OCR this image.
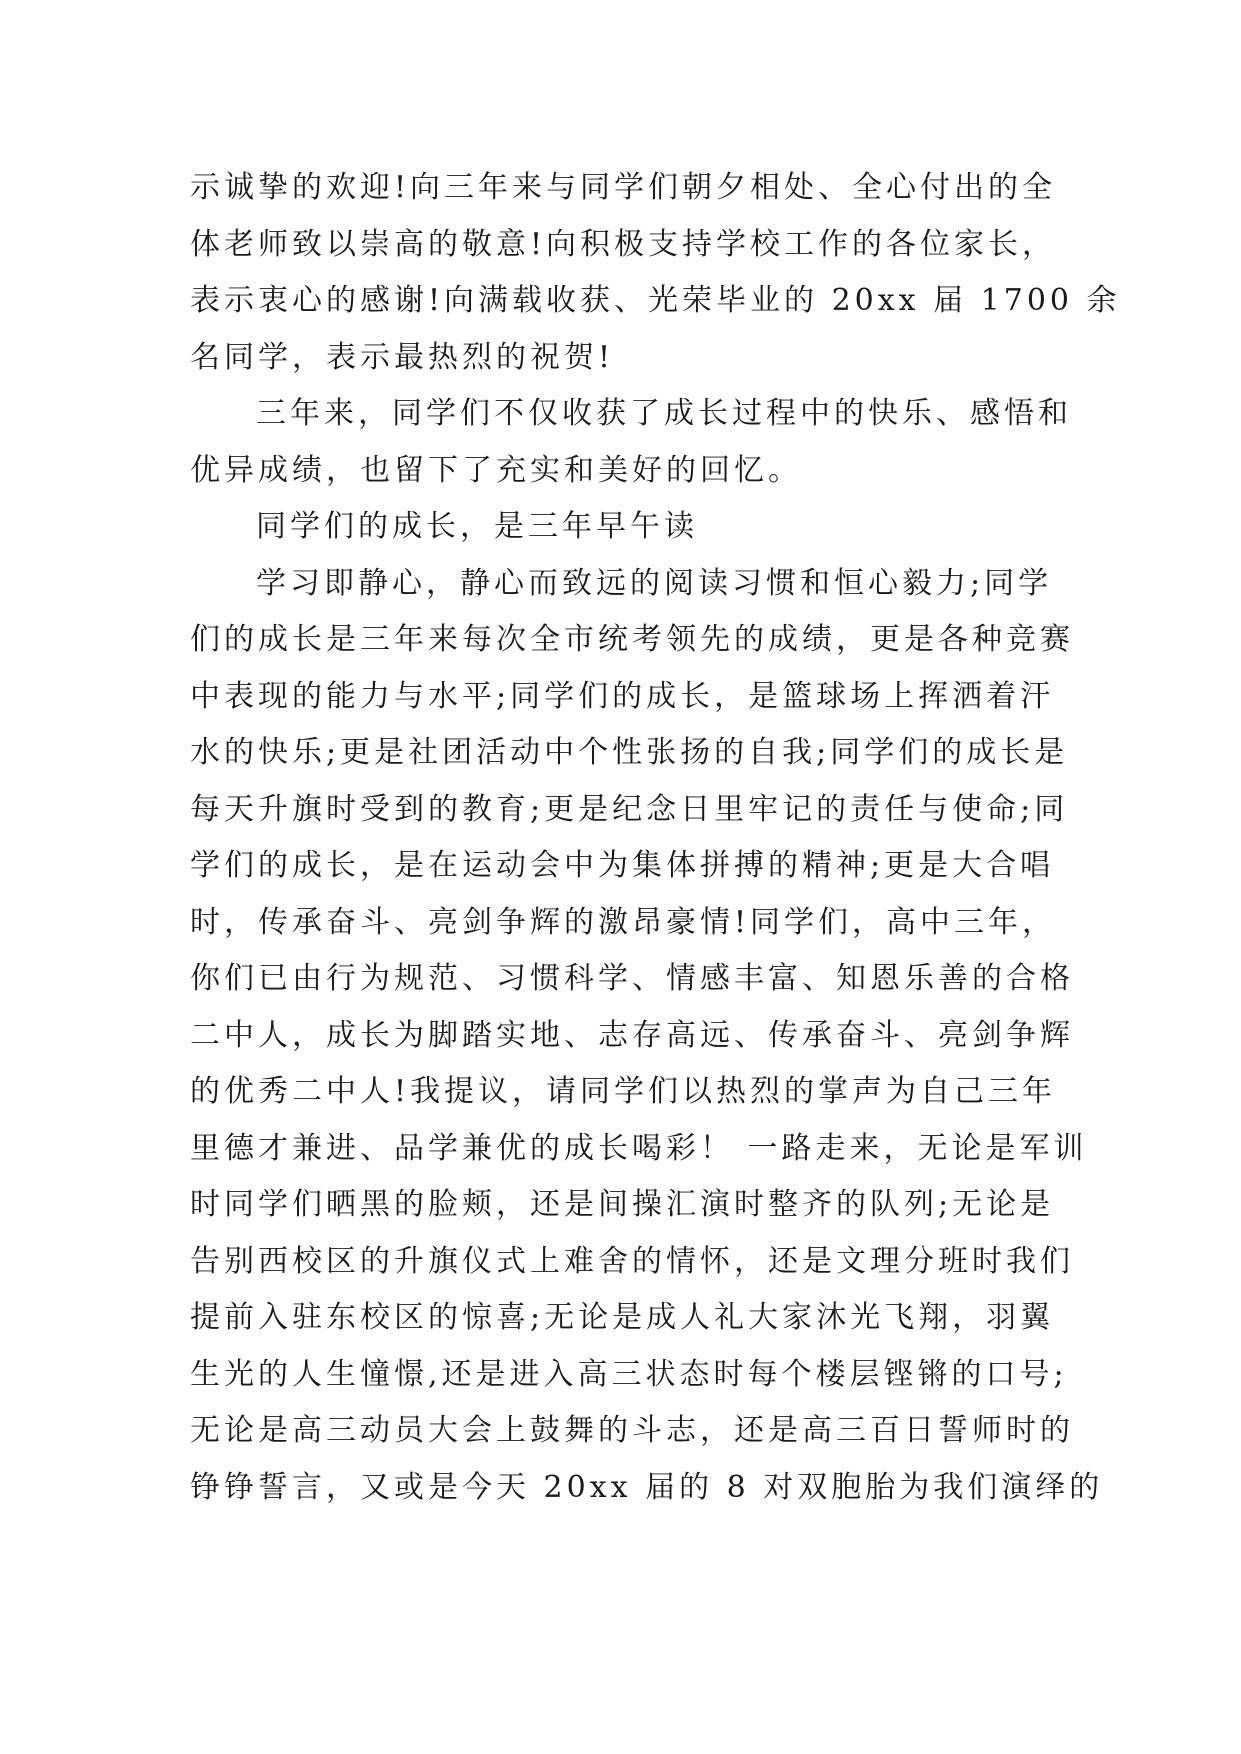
示诚挚的欢迎!向三年来与同学们朝夕相处、全心付出的全
体老师致以崇高的敬意!向积极支持学校工作的各位家长，
表示衷心的感谢!向满载收获、光荣毕业的 20xx 届 1700 余
名同学，表示最热烈的祝贺!
三年来，同学们不仅收获了成长过程中的快乐、感悟和
优异成绩，也留下了充实和美好的回忆。
同学们的成长，是三年早午读
学习即静心，静心而致远的阅读习惯和恒心毅力;同学
们的成长是三年来每次全市统考领先的成绩，更是各种竞赛
中表现的能力与水平;同学们的成长，是篮球场上挥洒着汗
水的快乐;更是社团活动中个性张扬的自我;同学们的成长是
每天升旗时受到的教育;更是纪念日里牢记的责任与使命;同
学们的成长，是在运动会中为集体拼搏的精神;更是大合唱
时，传承奋斗、亮剑争辉的激昂豪情!同学们，高中三年，
你们已由行为规范、习惯科学、情感丰富、知恩乐善的合格
二中人，成长为脚踏实地、志存高远、传承奋斗、亮剑争辉
的优秀二中人!我提议，请同学们以热烈的掌声为自己三年
里德才兼进、品学兼优的成长喝彩！ 一路走来，无论是军训
时同学们晒黑的脸颊，还是间操汇演时整齐的队列;无论是
告别西校区的升旗仪式上难舍的情怀，还是文理分班时我们
提前入驻东校区的惊喜;无论是成人礼大家沐光飞翔，羽翼
生光的人生憧憬,还是进入高三状态时每个楼层铿锵的口号;
无论是高三动员大会上鼓舞的斗志，还是高三百日誓师时的
铮铮誓言，又或是今天 20xx 届的 8 对双胞胎为我们演绎的
